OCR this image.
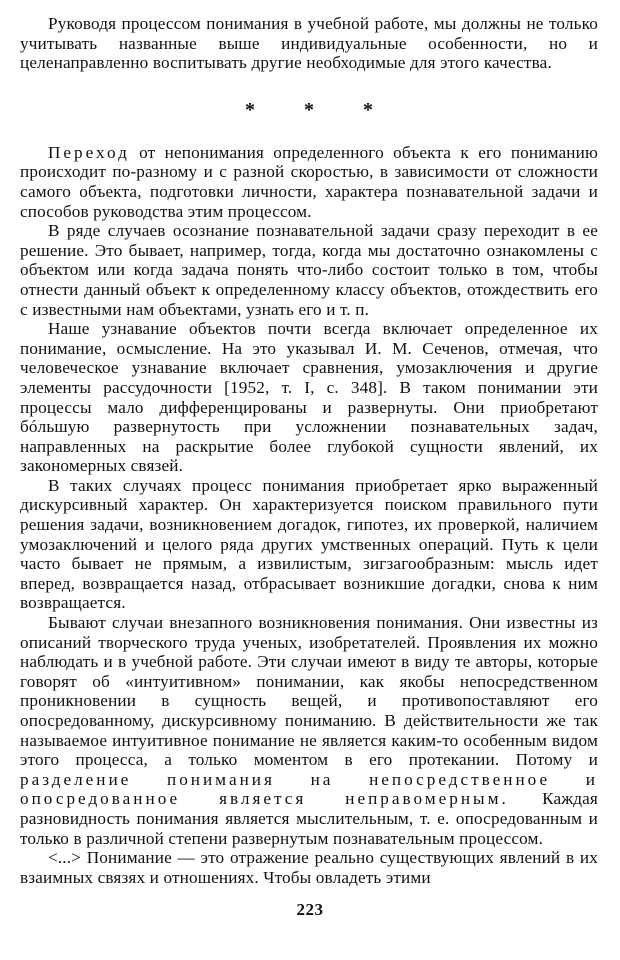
Руководя процессом понимания в учебной работе, мы должны не только учитывать названные выше индивидуальные особенности, но и целенаправленно воспитывать другие необходимые для этого качества.

* * *

Переход от непонимания определенного объекта к его пониманию происходит по-разному и с разной скоростью, в зависимости от сложности самого объекта, подготовки личности, характера познавательной задачи и способов руководства этим процессом.

В ряде случаев осознание познавательной задачи сразу переходит в ее решение. Это бывает, например, тогда, когда мы достаточно ознакомлены с объектом или когда задача понять что-либо состоит только в том, чтобы отнести данный объект к определенному классу объектов, отождествить его с известными нам объектами, узнать его и т. п.

Наше узнавание объектов почти всегда включает определенное их понимание, осмысление. На это указывал И. М. Сеченов, отмечая, что человеческое узнавание включает сравнения, умозаключения и другие элементы рассудочности [1952, т. I, с. 348]. В таком понимании эти процессы мало дифференцированы и развернуты. Они приобретают бóльшую развернутость при усложнении познавательных задач, направленных на раскрытие более глубокой сущности явлений, их закономерных связей.

В таких случаях процесс понимания приобретает ярко выраженный дискурсивный характер. Он характеризуется поиском правильного пути решения задачи, возникновением догадок, гипотез, их проверкой, наличием умозаключений и целого ряда других умственных операций. Путь к цели часто бывает не прямым, а извилистым, зигзагообразным: мысль идет вперед, возвращается назад, отбрасывает возникшие догадки, снова к ним возвращается.

Бывают случаи внезапного возникновения понимания. Они известны из описаний творческого труда ученых, изобретателей. Проявления их можно наблюдать и в учебной работе. Эти случаи имеют в виду те авторы, которые говорят об «интуитивном» понимании, как якобы непосредственном проникновении в сущность вещей, и противопоставляют его опосредованному, дискурсивному пониманию. В действительности же так называемое интуитивное понимание не является каким-то особенным видом этого процесса, а только моментом в его протекании. Потому и разделение понимания на непосредственное и опосредованное является неправомерным. Каждая разновидность понимания является мыслительным, т. е. опосредованным и только в различной степени развернутым познавательным процессом.

<...> Понимание — это отражение реально существующих явлений в их взаимных связях и отношениях. Чтобы овладеть этими

223
